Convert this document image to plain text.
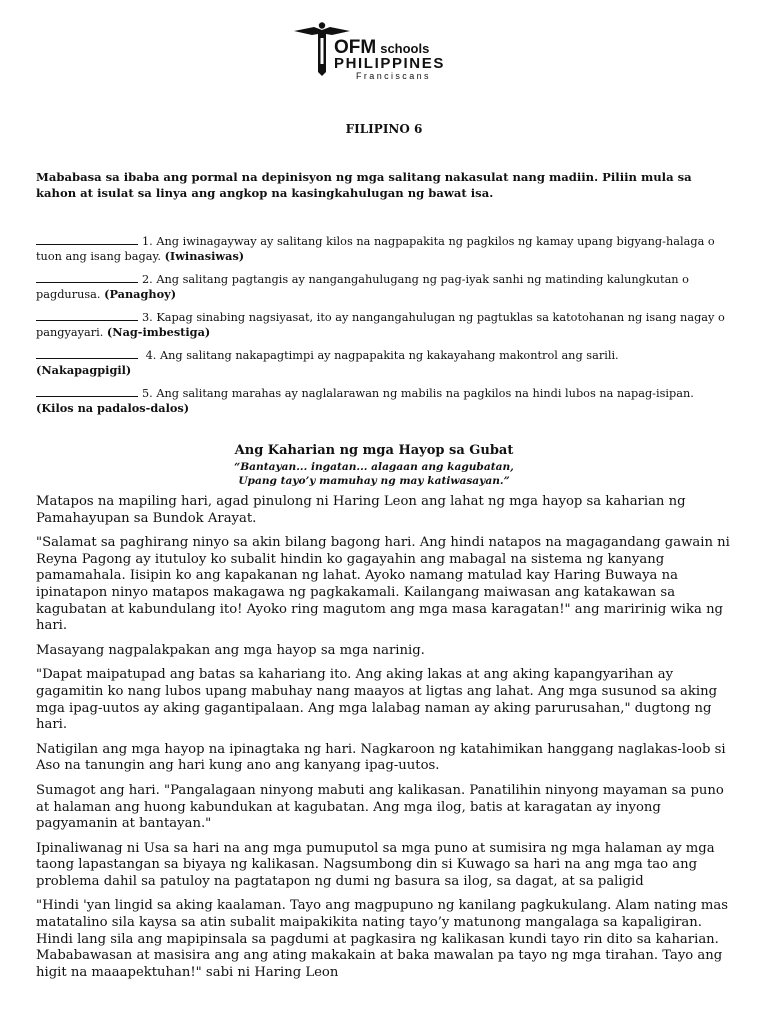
OFM schools
PHILIPPINES
Franciscans
FILIPINO 6
Mababasa sa ibaba ang pormal na depinisyon ng mga salitang nakasulat nang madiin. Piliin mula sa kahon at isulat sa linya ang angkop na kasingkahulugan ng bawat isa.
1. Ang iwinagayway ay salitang kilos na nagpapakita ng pagkilos ng kamay upang bigyang-halaga o tuon ang isang bagay. (Iwinasiwas)
2. Ang salitang pagtangis ay nangangahulugang ng pag-iyak sanhi ng matinding kalungkutan o pagdurusa. (Panaghoy)
3. Kapag sinabing nagsiyasat, ito ay nangangahulugan ng pagtuklas sa katotohanan ng isang nagay o pangyayari. (Nag-imbestiga)
4. Ang salitang nakapagtimpi ay nagpapakita ng kakayahang makontrol ang sarili.
(Nakapagpigil)
5. Ang salitang marahas ay naglalarawan ng mabilis na pagkilos na hindi lubos na napag-isipan.
(Kilos na padalos-dalos)
Ang Kaharian ng mga Hayop sa Gubat
“Bantayan... ingatan... alagaan ang kagubatan,
Upang tayo’y mamuhay ng may katiwasayan.”

Matapos na mapiling hari, agad pinulong ni Haring Leon ang lahat ng mga hayop sa kaharian ng Pamahayupan sa Bundok Arayat.

"Salamat sa paghirang ninyo sa akin bilang bagong hari. Ang hindi natapos na magagandang gawain ni Reyna Pagong ay itutuloy ko subalit hindin ko gagayahin ang mabagal na sistema ng kanyang pamamahala. Iisipin ko ang kapakanan ng lahat. Ayoko namang matulad kay Haring Buwaya na ipinatapon ninyo matapos makagawa ng pagkakamali. Kailangang maiwasan ang katakawan sa kagubatan at kabundulang ito! Ayoko ring magutom ang mga masa karagatan!" ang maririnig wika ng hari.

Masayang nagpalakpakan ang mga hayop sa mga narinig.

"Dapat maipatupad ang batas sa kahariang ito. Ang aking lakas at ang aking kapangyarihan ay gagamitin ko nang lubos upang mabuhay nang maayos at ligtas ang lahat. Ang mga susunod sa aking mga ipag-uutos ay aking gagantipalaan. Ang mga lalabag naman ay aking parurusahan," dugtong ng hari.

Natigilan ang mga hayop na ipinagtaka ng hari. Nagkaroon ng katahimikan hanggang naglakas-loob si Aso na tanungin ang hari kung ano ang kanyang ipag-uutos.

Sumagot ang hari. "Pangalagaan ninyong mabuti ang kalikasan. Panatilihin ninyong mayaman sa puno at halaman ang huong kabundukan at kagubatan. Ang mga ilog, batis at karagatan ay inyong pagyamanin at bantayan."

Ipinaliwanag ni Usa sa hari na ang mga pumuputol sa mga puno at sumisira ng mga halaman ay mga taong lapastangan sa biyaya ng kalikasan. Nagsumbong din si Kuwago sa hari na ang mga tao ang problema dahil sa patuloy na pagtatapon ng dumi ng basura sa ilog, sa dagat, at sa paligid

"Hindi 'yan lingid sa aking kaalaman. Tayo ang magpupuno ng kanilang pagkukulang. Alam nating mas matatalino sila kaysa sa atin subalit maipakikita nating tayo’y matunong mangalaga sa kapaligiran. Hindi lang sila ang mapipinsala sa pagdumi at pagkasira ng kalikasan kundi tayo rin dito sa kaharian. Mababawasan at masisira ang ang ating makakain at baka mawalan pa tayo ng mga tirahan. Tayo ang higit na maaapektuhan!" sabi ni Haring Leon
